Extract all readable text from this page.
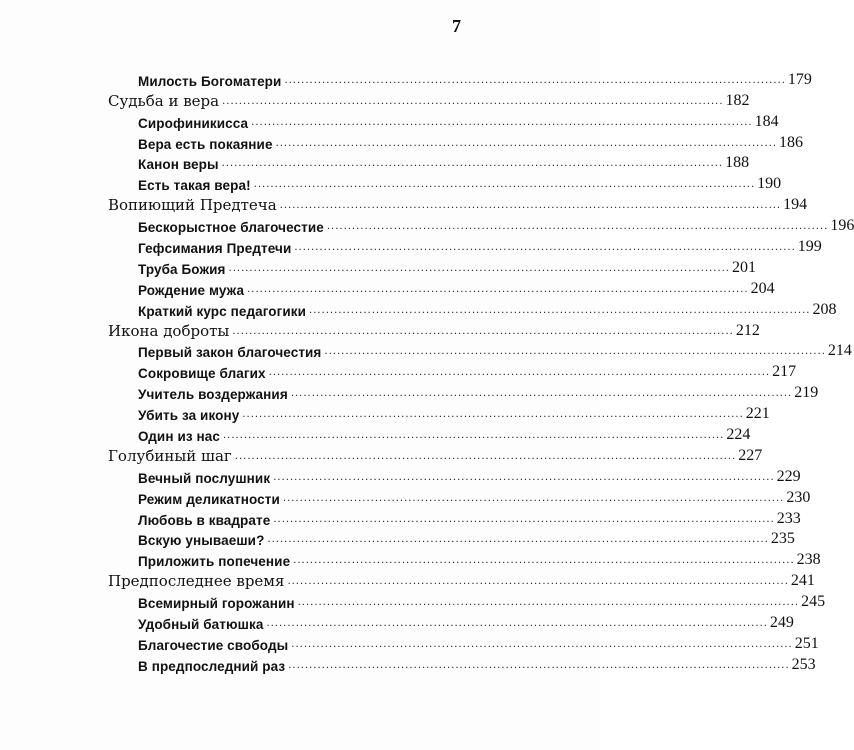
7
Милость Богоматери ........................................................................................................................ 179
Судьба и вера ........................................................................................................................ 182
Сирофиникисса ........................................................................................................................ 184
Вера есть покаяние ........................................................................................................................ 186
Канон веры ........................................................................................................................ 188
Есть такая вера! ........................................................................................................................ 190
Вопиющий Предтеча ........................................................................................................................ 194
Бескорыстное благочестие ........................................................................................................................ 196
Гефсимания Предтечи ........................................................................................................................ 199
Труба Божия ........................................................................................................................ 201
Рождение мужа ........................................................................................................................ 204
Краткий курс педагогики ........................................................................................................................ 208
Икона доброты ........................................................................................................................ 212
Первый закон благочестия ........................................................................................................................ 214
Сокровище благих ........................................................................................................................ 217
Учитель воздержания ........................................................................................................................ 219
Убить за икону ........................................................................................................................ 221
Один из нас ........................................................................................................................ 224
Голубиный шаг ........................................................................................................................ 227
Вечный послушник ........................................................................................................................ 229
Режим деликатности ........................................................................................................................ 230
Любовь в квадрате ........................................................................................................................ 233
Вскую унываеши? ........................................................................................................................ 235
Приложить попечение ........................................................................................................................ 238
Предпоследнее время ........................................................................................................................ 241
Всемирный горожанин ........................................................................................................................ 245
Удобный батюшка ........................................................................................................................ 249
Благочестие свободы ........................................................................................................................ 251
В предпоследний раз ........................................................................................................................ 253
